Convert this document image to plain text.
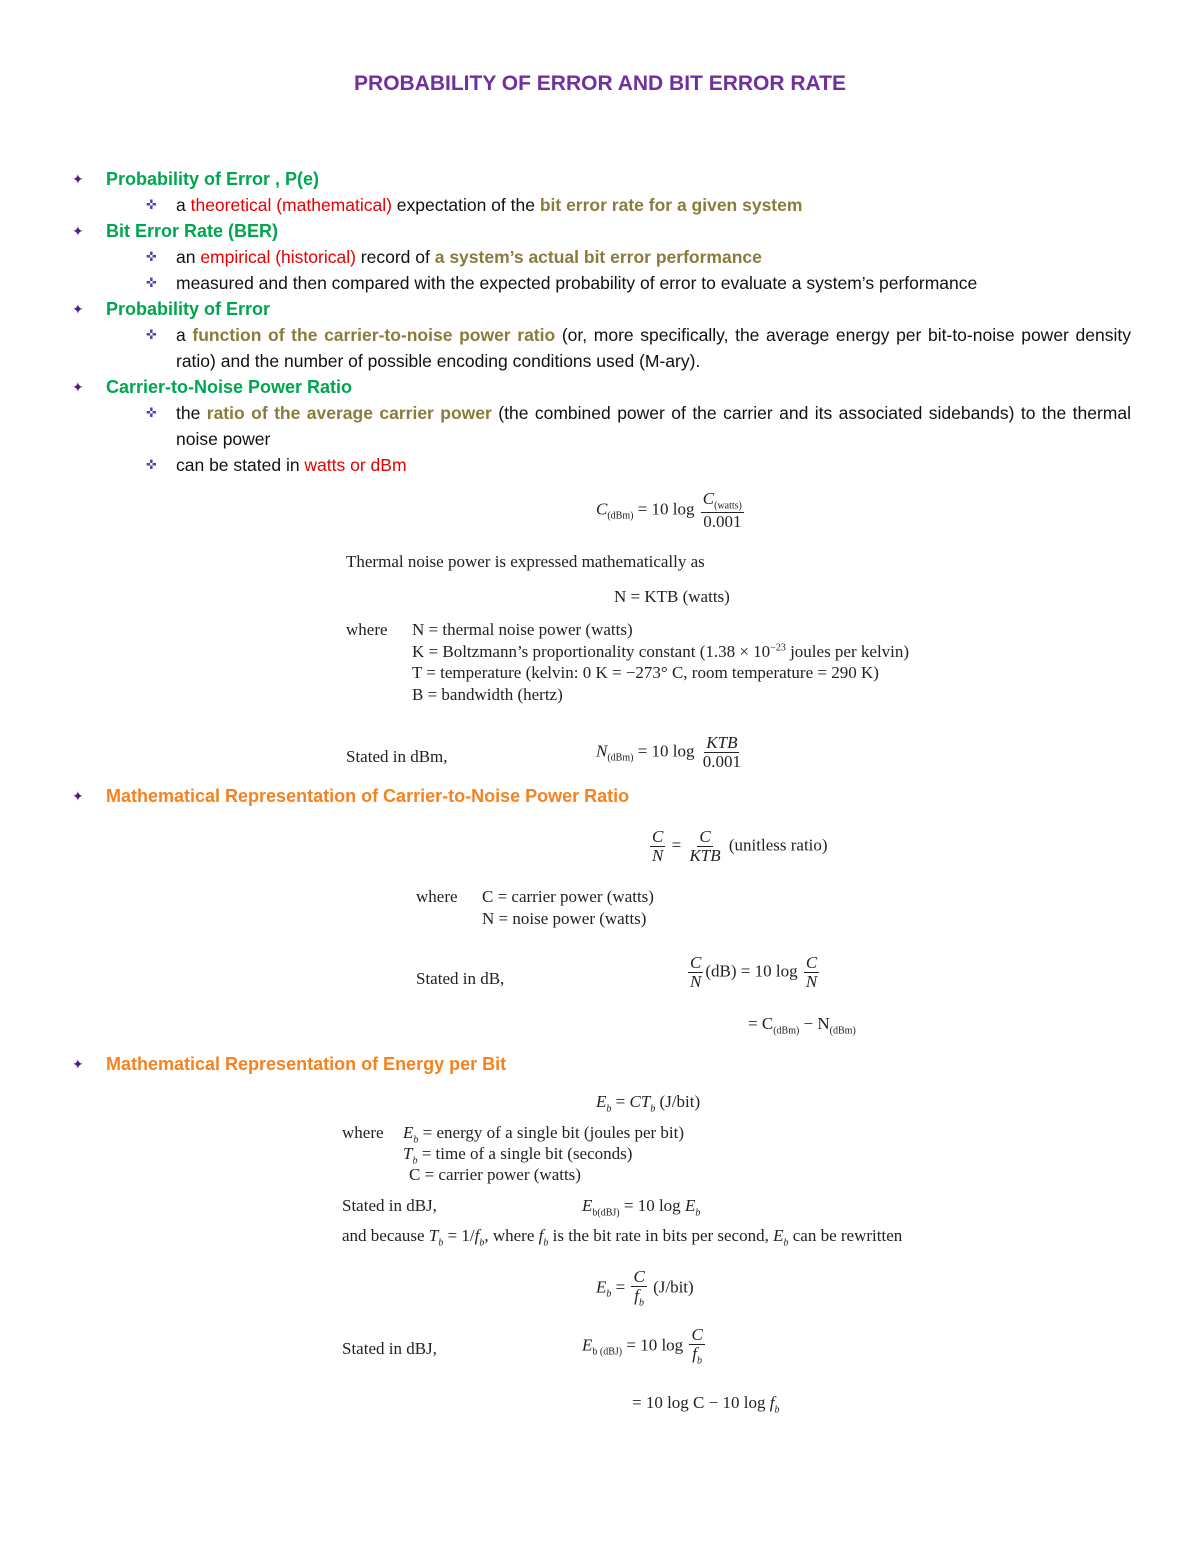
PROBABILITY OF ERROR AND BIT ERROR RATE
✦ Probability of Error , P(e)
✜ a theoretical (mathematical) expectation of the bit error rate for a given system
✦ Bit Error Rate (BER)
✜ an empirical (historical) record of a system’s actual bit error performance
✜ measured and then compared with the expected probability of error to evaluate a system’s performance
✦ Probability of Error
✜ a function of the carrier-to-noise power ratio (or, more specifically, the average energy per bit-to-noise power density ratio) and the number of possible encoding conditions used (M-ary).
✦ Carrier-to-Noise Power Ratio
✜ the ratio of the average carrier power (the combined power of the carrier and its associated sidebands) to the thermal noise power
✜ can be stated in watts or dBm
$C_{(dBm)} = 10$ $\log \frac{C_{(watts)}}{0.001}$
Thermal noise power is expressed mathematically as
N = KTB (watts)
where N = thermal noise power (watts)
K = Boltzmann’s proportionality constant ($1.38 \times 10^{-23}$ joules per kelvin)
T = temperature (kelvin: 0 K = −273° C, room temperature = 290 K)
B = bandwidth (hertz)
Stated in dBm,	$N_{(dBm)} = 10$ $\log \frac{\text{KTB}}{0.001}$
✦ Mathematical Representation of Carrier-to-Noise Power Ratio
$\frac{C}{N} = \frac{C}{\text{KTB}}$ (unitless ratio)
where C = carrier power (watts)
N = noise power (watts)
Stated in dB,	$\frac{C}{N} (dB) = 10$ $\log \frac{C}{N}$
= $C_{(dBm)} - N_{(dBm)}$
✦ Mathematical Representation of Energy per Bit
$E_b = CT_b$ (J/bit)
where $E_b$ = energy of a single bit (joules per bit)
$T_b$ = time of a single bit (seconds)
C = carrier power (watts)
Stated in dBJ,	$E_{b(dBJ)} = 10$ $\log E_b$
and because $T_b = 1/f_b$, where $f_b$ is the bit rate in bits per second, $E_b$ can be rewritten
$E_b = \frac{C}{f_b} (J/bit)$
Stated in dBJ,	$E_{b (dBJ)} = 10$ $\log \frac{C}{f_b}$
= 10 log C − 10 $\log f_b$
